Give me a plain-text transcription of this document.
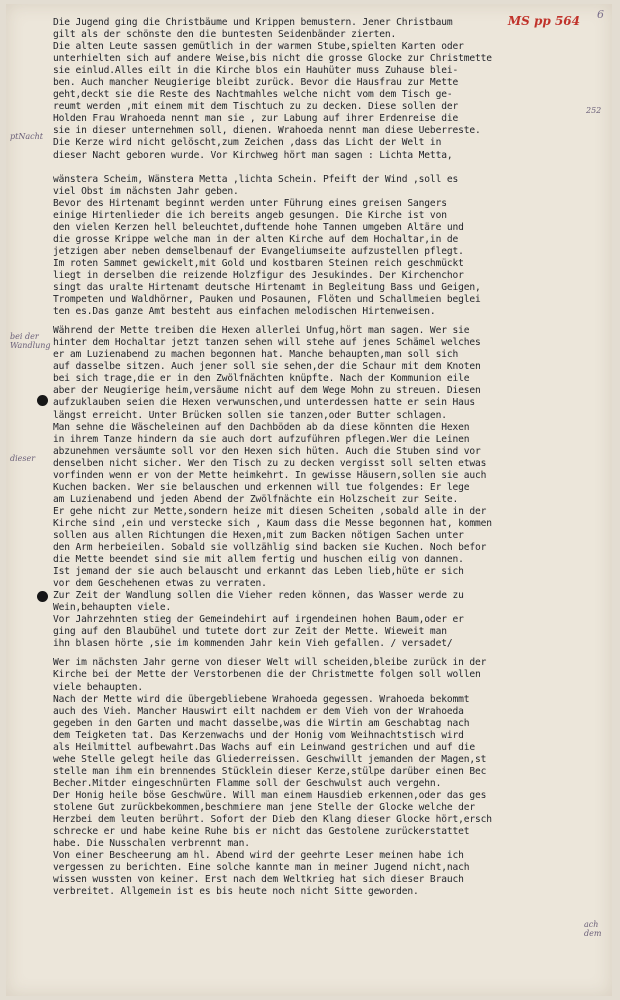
6
MS pp 564
ptNacht
bei der Wandlung
dieser
252
ach dem
Die Jugend ging die Christbäume und Krippen bemustern. Jener Christbaum
gilt als der schönste den die buntesten Seidenbänder zierten.
Die alten Leute sassen gemütlich in der warmen Stube,spielten Karten oder
unterhielten sich auf andere Weise,bis nicht die grosse Glocke zur Christmette
sie einlud.Alles eilt in die Kirche blos ein Hauhüter muss Zuhause blei-
ben. Auch mancher Neugierige bleibt zurück. Bevor die Hausfrau zur Mette
geht,deckt sie die Reste des Nachtmahles welche nicht vom dem Tisch ge-
reumt werden ,mit einem mit dem Tischtuch zu zu decken. Diese sollen der
Holden Frau Wrahoeda nennt man sie , zur Labung auf ihrer Erdenreise die
sie in dieser unternehmen soll, dienen. Wrahoeda nennt man diese Ueberreste.
Die Kerze wird nicht gelöscht,zum Zeichen ,dass das Licht der Welt in
dieser Nacht geboren wurde. Vor Kirchweg hört man sagen : Lichta Metta,
wänstera Scheim, Wänstera Metta ,lichta Schein. Pfeift der Wind ,soll es
viel Obst im nächsten Jahr geben.
Bevor des Hirtenamt beginnt werden unter Führung eines greisen Sangers
einige Hirtenlieder die ich bereits angeb gesungen. Die Kirche ist von
den vielen Kerzen hell beleuchtet,duftende hohe Tannen umgeben Altäre und
die grosse Krippe welche man in der alten Kirche auf dem Hochaltar,in de
jetzigen aber neben demselbenauf der Evangeliumseite aufzustellen pflegt.
Im roten Sammet gewickelt,mit Gold und kostbaren Steinen reich geschmückt
liegt in derselben die reizende Holzfigur des Jesukindes. Der Kirchenchor
singt das uralte Hirtenamt deutsche Hirtenamt in Begleitung Bass und Geigen,
Trompeten und Waldhörner, Pauken und Posaunen, Flöten und Schallmeien beglei
ten es.Das ganze Amt besteht aus einfachen melodischen Hirtenweisen.
Während der Mette treiben die Hexen allerlei Unfug,hört man sagen. Wer sie
hinter dem Hochaltar jetzt tanzen sehen will stehe auf jenes Schämel welches
er am Luzienabend zu machen begonnen hat. Manche behaupten,man soll sich
auf dasselbe sitzen. Auch jener soll sie sehen,der die Schaur mit dem Knoten
bei sich trage,die er in den Zwölfnächten knüpfte. Nach der Kommunion eile
aber der Neugierige heim,versäume nicht auf dem Wege Mohn zu streuen. Diesen
aufzuklauben seien die Hexen verwunschen,und unterdessen hatte er sein Haus
längst erreicht. Unter Brücken sollen sie tanzen,oder Butter schlagen.
Man sehne die Wäscheleinen auf den Dachböden ab da diese könnten die Hexen
in ihrem Tanze hindern da sie auch dort aufzuführen pflegen.Wer die Leinen
abzunehmen versäumte soll vor den Hexen sich hüten. Auch die Stuben sind vor
denselben nicht sicher. Wer den Tisch zu zu decken vergisst soll selten etwas
vorfinden wenn er von der Mette heimkehrt. In gewisse Häusern,sollen sie auch
Kuchen backen. Wer sie belauschen und erkennen will tue folgendes: Er lege
am Luzienabend und jeden Abend der Zwölfnächte ein Holzscheit zur Seite.
Er gehe nicht zur Mette,sondern heize mit diesen Scheiten ,sobald alle in der
Kirche sind ,ein und verstecke sich , Kaum dass die Messe begonnen hat, kommen
sollen aus allen Richtungen die Hexen,mit zum Backen nötigen Sachen unter
den Arm herbeieilen. Sobald sie vollzählig sind backen sie Kuchen. Noch befor
die Mette beendet sind sie mit allem fertig und huschen eilig von dannen.
Ist jemand der sie auch belauscht und erkannt das Leben lieb,hüte er sich
vor dem Geschehenen etwas zu verraten.
Zur Zeit der Wandlung sollen die Vieher reden können, das Wasser werde zu
Wein,behaupten viele.
Vor Jahrzehnten stieg der Gemeindehirt auf irgendeinen hohen Baum,oder er
ging auf den Blaubühel und tutete dort zur Zeit der Mette. Wieweit man
ihn blasen hörte ,sie im kommenden Jahr kein Vieh gefallen. / versadet/
Wer im nächsten Jahr gerne von dieser Welt will scheiden,bleibe zurück in der
Kirche bei der Mette der Verstorbenen die der Christmette folgen soll wollen
viele behaupten.
Nach der Mette wird die übergebliebene Wrahoeda gegessen. Wrahoeda bekommt
auch des Vieh. Mancher Hauswirt eilt nachdem er dem Vieh von der Wrahoeda
gegeben in den Garten und macht dasselbe,was die Wirtin am Geschabtag nach
dem Teigketen tat. Das Kerzenwachs und der Honig vom Weihnachtstisch wird
als Heilmittel aufbewahrt.Das Wachs auf ein Leinwand gestrichen und auf die
wehe Stelle gelegt heile das Gliederreissen. Geschwillt jemanden der Magen,st
stelle man ihm ein brennendes Stücklein dieser Kerze,stülpe darüber einen Bec
Becher.Mitder eingeschnürten Flamme soll der Geschwulst auch vergehn.
Der Honig heile böse Geschwüre. Will man einem Hausdieb erkennen,oder das ges
stolene Gut zurückbekommen,beschmiere man jene Stelle der Glocke welche der
Herzbei dem leuten berührt. Sofort der Dieb den Klang dieser Glocke hört,ersch
schrecke er und habe keine Ruhe bis er nicht das Gestolene zurückerstattet
habe. Die Nusschalen verbrennt man.
Von einer Bescheerung am hl. Abend wird der geehrte Leser meinen habe ich
vergessen zu berichten. Eine solche kannte man in meiner Jugend nicht,nach
wissen wussten von keiner. Erst nach dem Weltkrieg hat sich dieser Brauch
verbreitet. Allgemein ist es bis heute noch nicht Sitte geworden.
